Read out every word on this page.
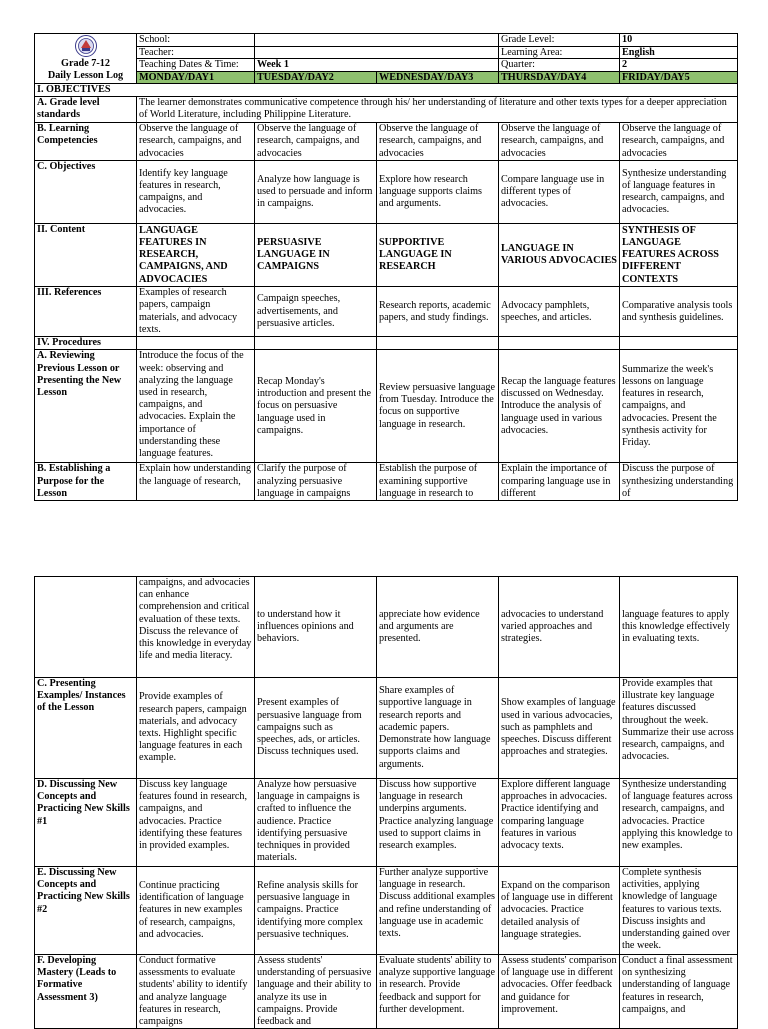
Grade 7-12
Daily Lesson Log	School:			Grade Level:	10
	Teacher:			Learning Area:	English
	Teaching Dates & Time:	Week 1		Quarter:	2
	MONDAY/DAY1	TUESDAY/DAY2	WEDNESDAY/DAY3	THURSDAY/DAY4	FRIDAY/DAY5
I. OBJECTIVES					
A. Grade level standards	The learner demonstrates communicative competence through his/ her understanding of literature and other texts types for a deeper appreciation of World Literature, including Philippine Literature.				
B. Learning Competencies	Observe the language of research, campaigns, and advocacies	Observe the language of research, campaigns, and advocacies	Observe the language of research, campaigns, and advocacies	Observe the language of research, campaigns, and advocacies	Observe the language of research, campaigns, and advocacies
C. Objectives	Identify key language features in research, campaigns, and advocacies.	Analyze how language is used to persuade and inform in campaigns.	Explore how research language supports claims and arguments.	Compare language use in different types of advocacies.	Synthesize understanding of language features in research, campaigns, and advocacies.
II. Content	LANGUAGE FEATURES IN RESEARCH, CAMPAIGNS, AND ADVOCACIES	PERSUASIVE LANGUAGE IN CAMPAIGNS	SUPPORTIVE LANGUAGE IN RESEARCH	LANGUAGE IN VARIOUS ADVOCACIES	SYNTHESIS OF LANGUAGE FEATURES ACROSS DIFFERENT CONTEXTS
III. References	Examples of research papers, campaign materials, and advocacy texts.	Campaign speeches, advertisements, and persuasive articles.	Research reports, academic papers, and study findings.	Advocacy pamphlets, speeches, and articles.	Comparative analysis tools and synthesis guidelines.
IV. Procedures					
A. Reviewing Previous Lesson or Presenting the New Lesson	Introduce the focus of the week: observing and analyzing the language used in research, campaigns, and advocacies. Explain the importance of understanding these language features.	Recap Monday's introduction and present the focus on persuasive language used in campaigns.	Review persuasive language from Tuesday. Introduce the focus on supportive language in research.	Recap the language features discussed on Wednesday. Introduce the analysis of language used in various advocacies.	Summarize the week's lessons on language features in research, campaigns, and advocacies. Present the synthesis activity for Friday.
B. Establishing a Purpose for the Lesson	Explain how understanding the language of research,	Clarify the purpose of analyzing persuasive language in campaigns	Establish the purpose of examining supportive language in research to	Explain the importance of comparing language use in different	Discuss the purpose of synthesizing understanding of
	campaigns, and advocacies can enhance comprehension and critical evaluation of these texts. Discuss the relevance of this knowledge in everyday life and media literacy.	to understand how it influences opinions and behaviors.	appreciate how evidence and arguments are presented.	advocacies to understand varied approaches and strategies.	language features to apply this knowledge effectively in evaluating texts.
C. Presenting Examples/ Instances of the Lesson	Provide examples of research papers, campaign materials, and advocacy texts. Highlight specific language features in each example.	Present examples of persuasive language from campaigns such as speeches, ads, or articles. Discuss techniques used.	Share examples of supportive language in research reports and academic papers. Demonstrate how language supports claims and arguments.	Show examples of language used in various advocacies, such as pamphlets and speeches. Discuss different approaches and strategies.	Provide examples that illustrate key language features discussed throughout the week. Summarize their use across research, campaigns, and advocacies.
D. Discussing New Concepts and Practicing New Skills #1	Discuss key language features found in research, campaigns, and advocacies. Practice identifying these features in provided examples.	Analyze how persuasive language in campaigns is crafted to influence the audience. Practice identifying persuasive techniques in provided materials.	Discuss how supportive language in research underpins arguments. Practice analyzing language used to support claims in research examples.	Explore different language approaches in advocacies. Practice identifying and comparing language features in various advocacy texts.	Synthesize understanding of language features across research, campaigns, and advocacies. Practice applying this knowledge to new examples.
E. Discussing New Concepts and Practicing New Skills #2	Continue practicing identification of language features in new examples of research, campaigns, and advocacies.	Refine analysis skills for persuasive language in campaigns. Practice identifying more complex persuasive techniques.	Further analyze supportive language in research. Discuss additional examples and refine understanding of language use in academic texts.	Expand on the comparison of language use in different advocacies. Practice detailed analysis of language strategies.	Complete synthesis activities, applying knowledge of language features to various texts. Discuss insights and understanding gained over the week.
F. Developing Mastery (Leads to Formative Assessment 3)	Conduct formative assessments to evaluate students' ability to identify and analyze language features in research, campaigns	Assess students' understanding of persuasive language and their ability to analyze its use in campaigns. Provide feedback and	Evaluate students' ability to analyze supportive language in research. Provide feedback and support for further development.	Assess students' comparison of language use in different advocacies. Offer feedback and guidance for improvement.	Conduct a final assessment on synthesizing understanding of language features in research, campaigns, and
